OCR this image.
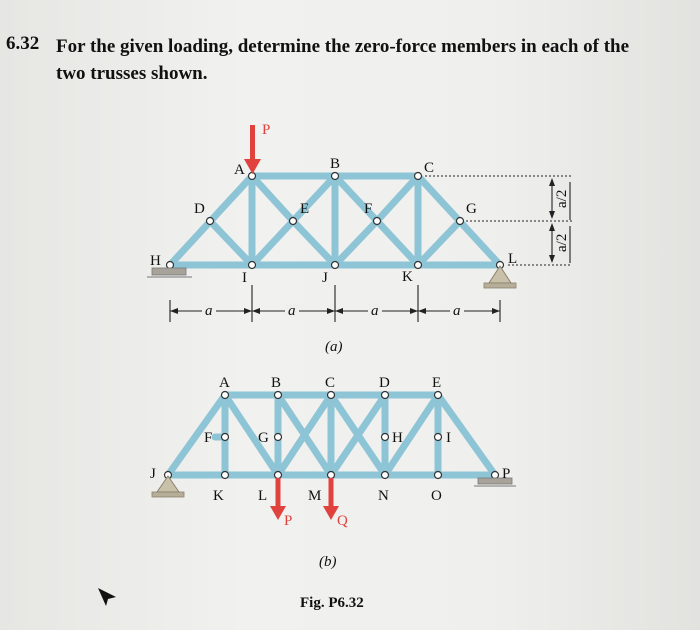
6.32 For the given loading, determine the zero-force members in each of the
two trusses shown.
P
A	B	C
D	E	F	G
H
I	J	K
L
a	a	a	a
a/2
a/2
(a)
P	Q
A	B	C	D	E
F	G	H	I
J
K L	M	N	O
P
(b)
Fig. P6.32
